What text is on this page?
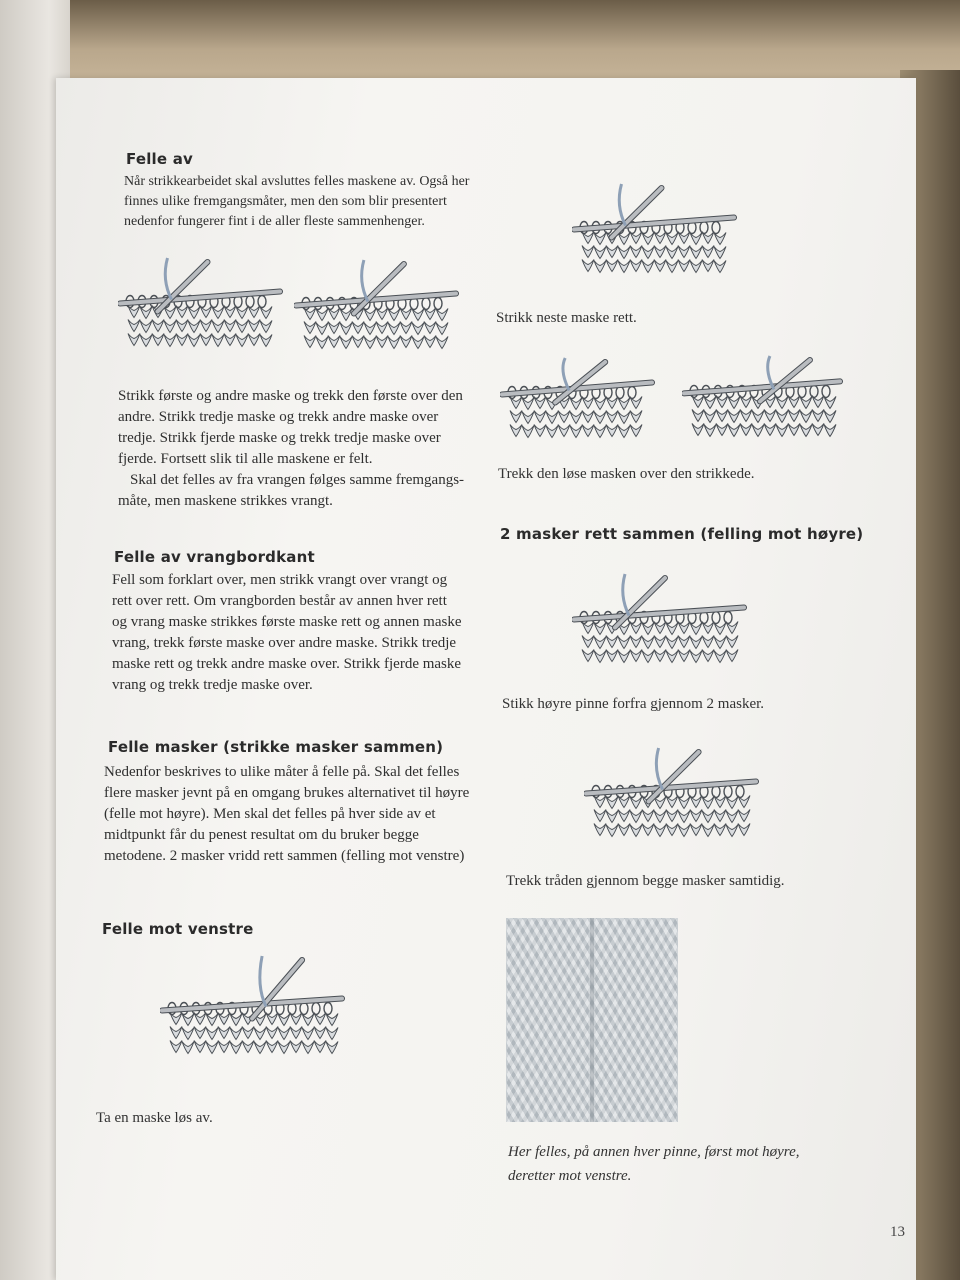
Felle av

Når strikkearbeidet skal avsluttes felles maskene av. Også her

finnes ulike fremgangsmåter, men den som blir presentert

nedenfor fungerer fint i de aller fleste sammenhenger.

Strikk første og andre maske og trekk den første over den

andre. Strikk tredje maske og trekk andre maske over

tredje. Strikk fjerde maske og trekk tredje maske over

fjerde. Fortsett slik til alle maskene er felt.

Skal det felles av fra vrangen følges samme fremgangs-

måte, men maskene strikkes vrangt.

Felle av vrangbordkant

Fell som forklart over, men strikk vrangt over vrangt og

rett over rett. Om vrangborden består av annen hver rett

og vrang maske strikkes første maske rett og annen maske

vrang, trekk første maske over andre maske. Strikk tredje

maske rett og trekk andre maske over. Strikk fjerde maske

vrang og trekk tredje maske over.

Felle masker (strikke masker sammen)

Nedenfor beskrives to ulike måter å felle på. Skal det felles

flere masker jevnt på en omgang brukes alternativet til høyre

(felle mot høyre). Men skal det felles på hver side av et

midtpunkt får du penest resultat om du bruker begge

metodene. 2 masker vridd rett sammen (felling mot venstre)

Felle mot venstre
Ta en maske løs av.
Strikk neste maske rett.
Trekk den løse masken over den strikkede.
2 masker rett sammen (felling mot høyre)
Stikk høyre pinne forfra gjennom 2 masker.
Trekk tråden gjennom begge masker samtidig.
Her felles, på annen hver pinne, først mot høyre,
deretter mot venstre.
13
